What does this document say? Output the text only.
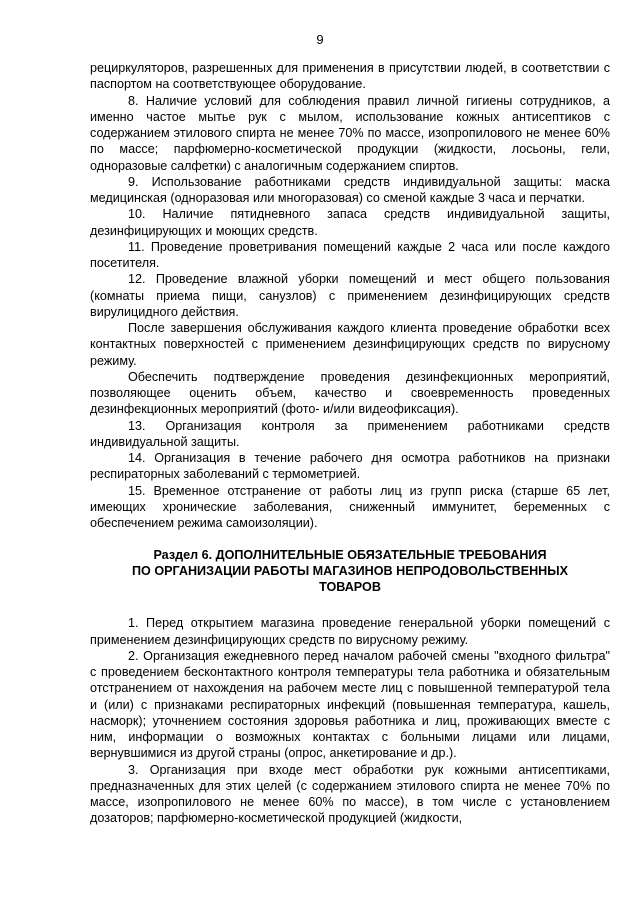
9

рециркуляторов, разрешенных для применения в присутствии людей, в соответствии с паспортом на соответствующее оборудование.

8. Наличие условий для соблюдения правил личной гигиены сотрудников, а именно частое мытье рук с мылом, использование кожных антисептиков с содержанием этилового спирта не менее 70% по массе, изопропилового не менее 60% по массе; парфюмерно-косметической продукции (жидкости, лосьоны, гели, одноразовые салфетки) с аналогичным содержанием спиртов.

9. Использование работниками средств индивидуальной защиты: маска медицинская (одноразовая или многоразовая) со сменой каждые 3 часа и перчатки.

10. Наличие пятидневного запаса средств индивидуальной защиты, дезинфицирующих и моющих средств.

11. Проведение проветривания помещений каждые 2 часа или после каждого посетителя.

12. Проведение влажной уборки помещений и мест общего пользования (комнаты приема пищи, санузлов) с применением дезинфицирующих средств вирулицидного действия.

После завершения обслуживания каждого клиента проведение обработки всех контактных поверхностей с применением дезинфицирующих средств по вирусному режиму.

Обеспечить подтверждение проведения дезинфекционных мероприятий, позволяющее оценить объем, качество и своевременность проведенных дезинфекционных мероприятий (фото- и/или видеофиксация).

13. Организация контроля за применением работниками средств индивидуальной защиты.

14. Организация в течение рабочего дня осмотра работников на признаки респираторных заболеваний с термометрией.

15. Временное отстранение от работы лиц из групп риска (старше 65 лет, имеющих хронические заболевания, сниженный иммунитет, беременных с обеспечением режима самоизоляции).

Раздел 6. ДОПОЛНИТЕЛЬНЫЕ ОБЯЗАТЕЛЬНЫЕ ТРЕБОВАНИЯ
ПО ОРГАНИЗАЦИИ РАБОТЫ МАГАЗИНОВ НЕПРОДОВОЛЬСТВЕННЫХ
ТОВАРОВ

1. Перед открытием магазина проведение генеральной уборки помещений с применением дезинфицирующих средств по вирусному режиму.

2. Организация ежедневного перед началом рабочей смены "входного фильтра" с проведением бесконтактного контроля температуры тела работника и обязательным отстранением от нахождения на рабочем месте лиц с повышенной температурой тела и (или) с признаками респираторных инфекций (повышенная температура, кашель, насморк); уточнением состояния здоровья работника и лиц, проживающих вместе с ним, информации о возможных контактах с больными лицами или лицами, вернувшимися из другой страны (опрос, анкетирование и др.).

3. Организация при входе мест обработки рук кожными антисептиками, предназначенных для этих целей (с содержанием этилового спирта не менее 70% по массе, изопропилового не менее 60% по массе), в том числе с установлением дозаторов; парфюмерно-косметической продукцией (жидкости,
